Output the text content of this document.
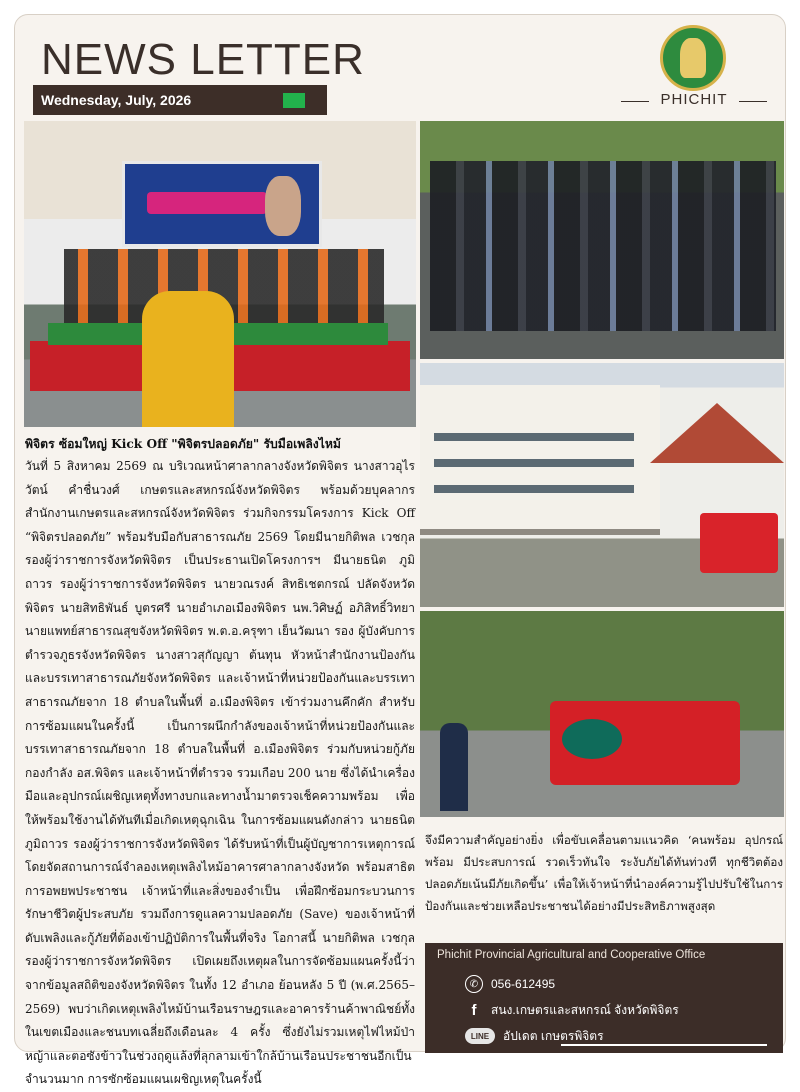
NEWS LETTER
Wednesday, July, 2026	PHICHIT
พิจิตร ซ้อมใหญ่ Kick Off "พิจิตรปลอดภัย" รับมือเพลิงไหม้
วันที่ 5 สิงหาคม 2569 ณ บริเวณหน้าศาลากลางจังหวัดพิจิตร นางสาวอุไรวัตน์ คำชื่นวงศ์ เกษตรและสหกรณ์จังหวัดพิจิตร พร้อมด้วยบุคลากร สำนักงานเกษตรและสหกรณ์จังหวัดพิจิตร ร่วมกิจกรรมโครงการ Kick Off “พิจิตรปลอดภัย” พร้อมรับมือกับสาธารณภัย 2569 โดยมีนายกิติพล เวชกุล รองผู้ว่าราชการจังหวัดพิจิตร เป็นประธานเปิดโครงการฯ มีนายธนิต ภูมิถาวร รองผู้ว่าราชการจังหวัดพิจิตร นายวณรงค์ สิทธิเชตกรณ์ ปลัดจังหวัดพิจิตร นายสิทธิพันธ์ บูตรศรี นายอำเภอเมืองพิจิตร นพ.วิศิษฏ์ อภิสิทธิ์วิทยา นายแพทย์สาธารณสุขจังหวัดพิจิตร พ.ต.อ.ครุฑา เย็นวัฒนา รอง ผู้บังคับการตำรวจภูธรจังหวัดพิจิตร นางสาวสุกัญญา ต้นทุน หัวหน้าสำนักงานป้องกันและบรรเทาสาธารณภัยจังหวัดพิจิตร และเจ้าหน้าที่หน่วยป้องกันและบรรเทาสาธารณภัยจาก 18 ตำบลในพื้นที่ อ.เมืองพิจิตร เข้าร่วมงานคึกคัก สำหรับการซ้อมแผนในครั้งนี้ เป็นการผนึกกำลังของเจ้าหน้าที่หน่วยป้องกันและบรรเทาสาธารณภัยจาก 18 ตำบลในพื้นที่ อ.เมืองพิจิตร ร่วมกับหน่วยกู้ภัย กองกำลัง อส.พิจิตร และเจ้าหน้าที่ตำรวจ รวมเกือบ 200 นาย ซึ่งได้นำเครื่องมือและอุปกรณ์เผชิญเหตุทั้งทางบกและทางน้ำมาตรวจเช็คความพร้อม เพื่อให้พร้อมใช้งานได้ทันทีเมื่อเกิดเหตุฉุกเฉิน ในการซ้อมแผนดังกล่าว นายธนิต ภูมิถาวร รองผู้ว่าราชการจังหวัดพิจิตร ได้รับหน้าที่เป็นผู้บัญชาการเหตุการณ์ โดยจัดสถานการณ์จำลองเหตุเพลิงไหม้อาคารศาลากลางจังหวัด พร้อมสาธิตการอพยพประชาชน เจ้าหน้าที่และสิ่งของจำเป็น เพื่อฝึกซ้อมกระบวนการรักษาชีวิตผู้ประสบภัย รวมถึงการดูแลความปลอดภัย (Save) ของเจ้าหน้าที่ดับเพลิงและกู้ภัยที่ต้องเข้าปฏิบัติการในพื้นที่จริง โอกาสนี้ นายกิติพล เวชกุล รองผู้ว่าราชการจังหวัดพิจิตร เปิดเผยถึงเหตุผลในการจัดซ้อมแผนครั้งนี้ว่า จากข้อมูลสถิติของจังหวัดพิจิตร ในทั้ง 12 อำเภอ ย้อนหลัง 5 ปี (พ.ศ.2565–2569) พบว่าเกิดเหตุเพลิงไหม้บ้านเรือนราษฎรและอาคารร้านค้าพาณิชย์ทั้งในเขตเมืองและชนบทเฉลี่ยถึงเดือนละ 4 ครั้ง ซึ่งยังไม่รวมเหตุไฟไหม้ป่าหญ้าและตอซังข้าวในช่วงฤดูแล้งที่ลุกลามเข้าใกล้บ้านเรือนประชาชนอีกเป็นจำนวนมาก การซักซ้อมแผนเผชิญเหตุในครั้งนี้
จึงมีความสำคัญอย่างยิ่ง เพื่อขับเคลื่อนตามแนวคิด ‘คนพร้อม อุปกรณ์พร้อม มีประสบการณ์ รวดเร็วทันใจ ระงับภัยได้ทันท่วงที ทุกชีวิตต้องปลอดภัยเน้นมีภัยเกิดขึ้น’ เพื่อให้เจ้าหน้าที่นำองค์ความรู้ไปปรับใช้ในการป้องกันและช่วยเหลือประชาชนได้อย่างมีประสิทธิภาพสูงสุด
Phichit Provincial Agricultural and Cooperative Office
✆	056-612495
f	สนง.เกษตรและสหกรณ์ จังหวัดพิจิตร
LINE	อัปเดต เกษตรพิจิตร
